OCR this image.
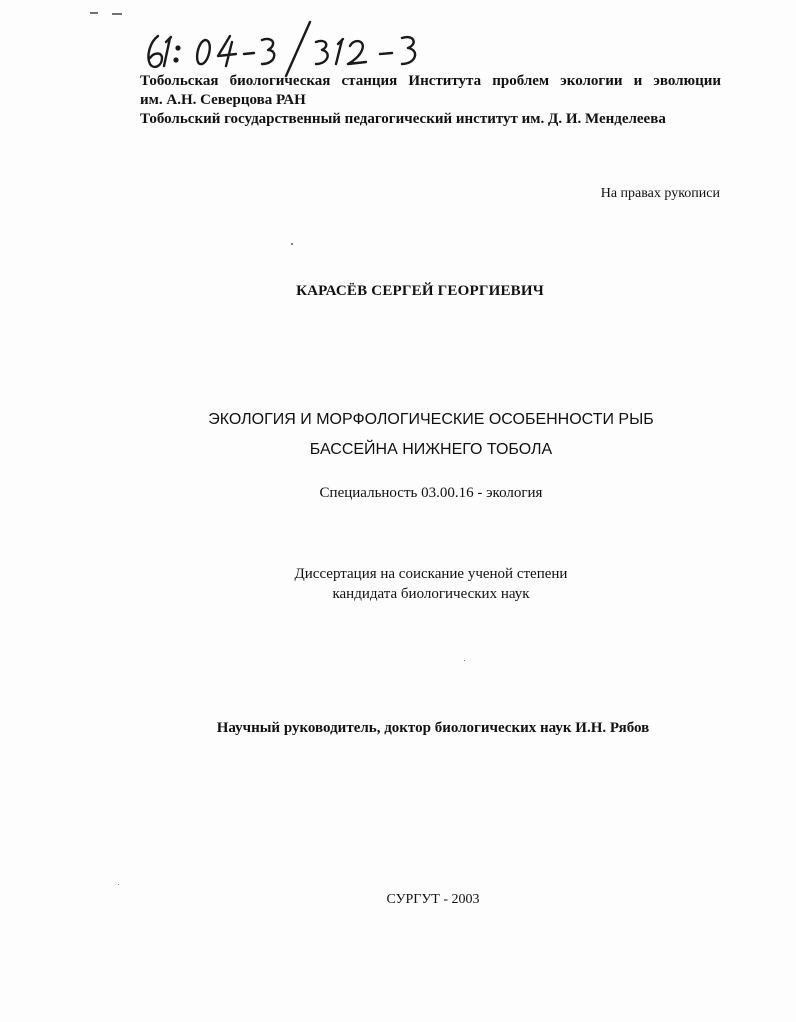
Тобольская биологическая станция Института проблем экологии и эволюции
им. А.Н. Северцова РАН
Тобольский государственный педагогический институт им. Д. И. Менделеева
На правах рукописи
КАРАСЁВ СЕРГЕЙ ГЕОРГИЕВИЧ
ЭКОЛОГИЯ И МОРФОЛОГИЧЕСКИЕ ОСОБЕННОСТИ РЫБ
БАССЕЙНА НИЖНЕГО ТОБОЛА
Специальность 03.00.16 - экология
Диссертация на соискание ученой степени
кандидата биологических наук
Научный руководитель, доктор биологических наук И.Н. Рябов
СУРГУТ - 2003
